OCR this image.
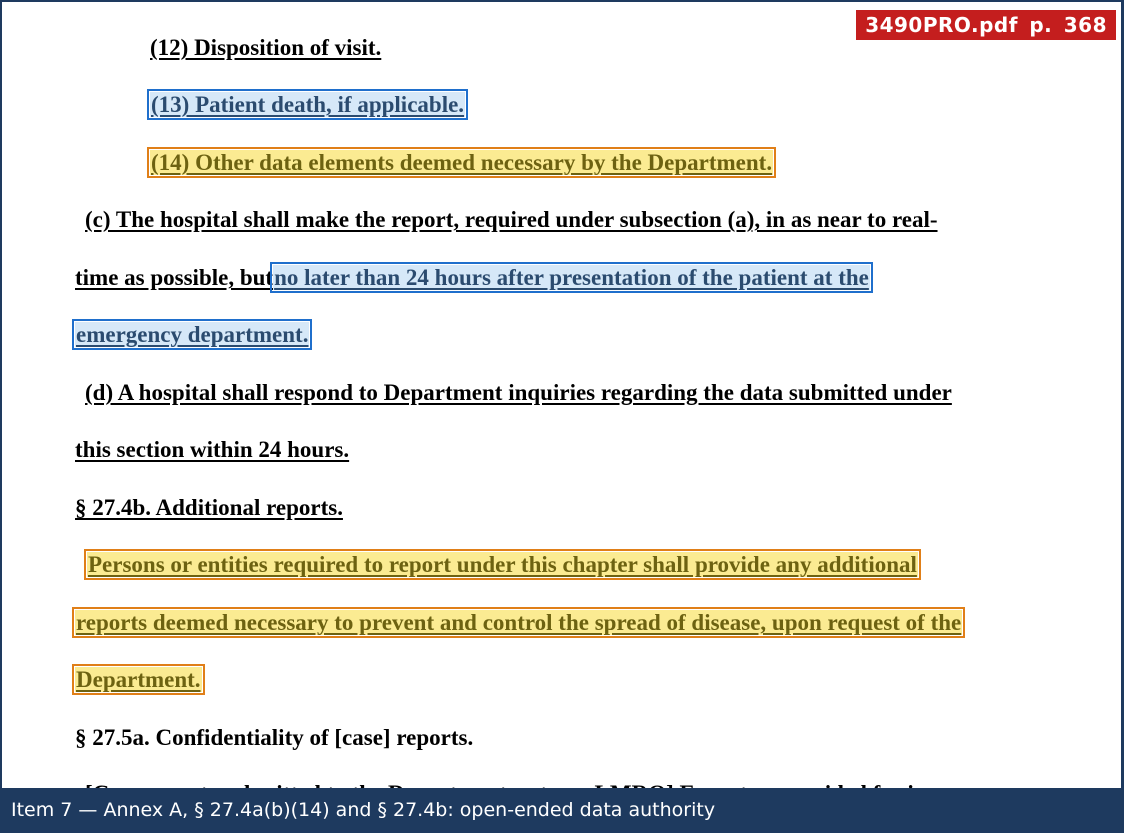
3490PRO.pdf p. 368
(12) Disposition of visit.
(13) Patient death, if applicable.
(14) Other data elements deemed necessary by the Department.
(c) The hospital shall make the report, required under subsection (a), in as near to real-
time as possible, butno later than 24 hours after presentation of the patient at the
emergency department.
(d) A hospital shall respond to Department inquiries regarding the data submitted under
this section within 24 hours.
§ 27.4b. Additional reports.
Persons or entities required to report under this chapter shall provide any additional
reports deemed necessary to prevent and control the spread of disease, upon request of the
Department.
§ 27.5a. Confidentiality of [case] reports.
Item 7 — Annex A, § 27.4a(b)(14) and § 27.4b: open-ended data authority
